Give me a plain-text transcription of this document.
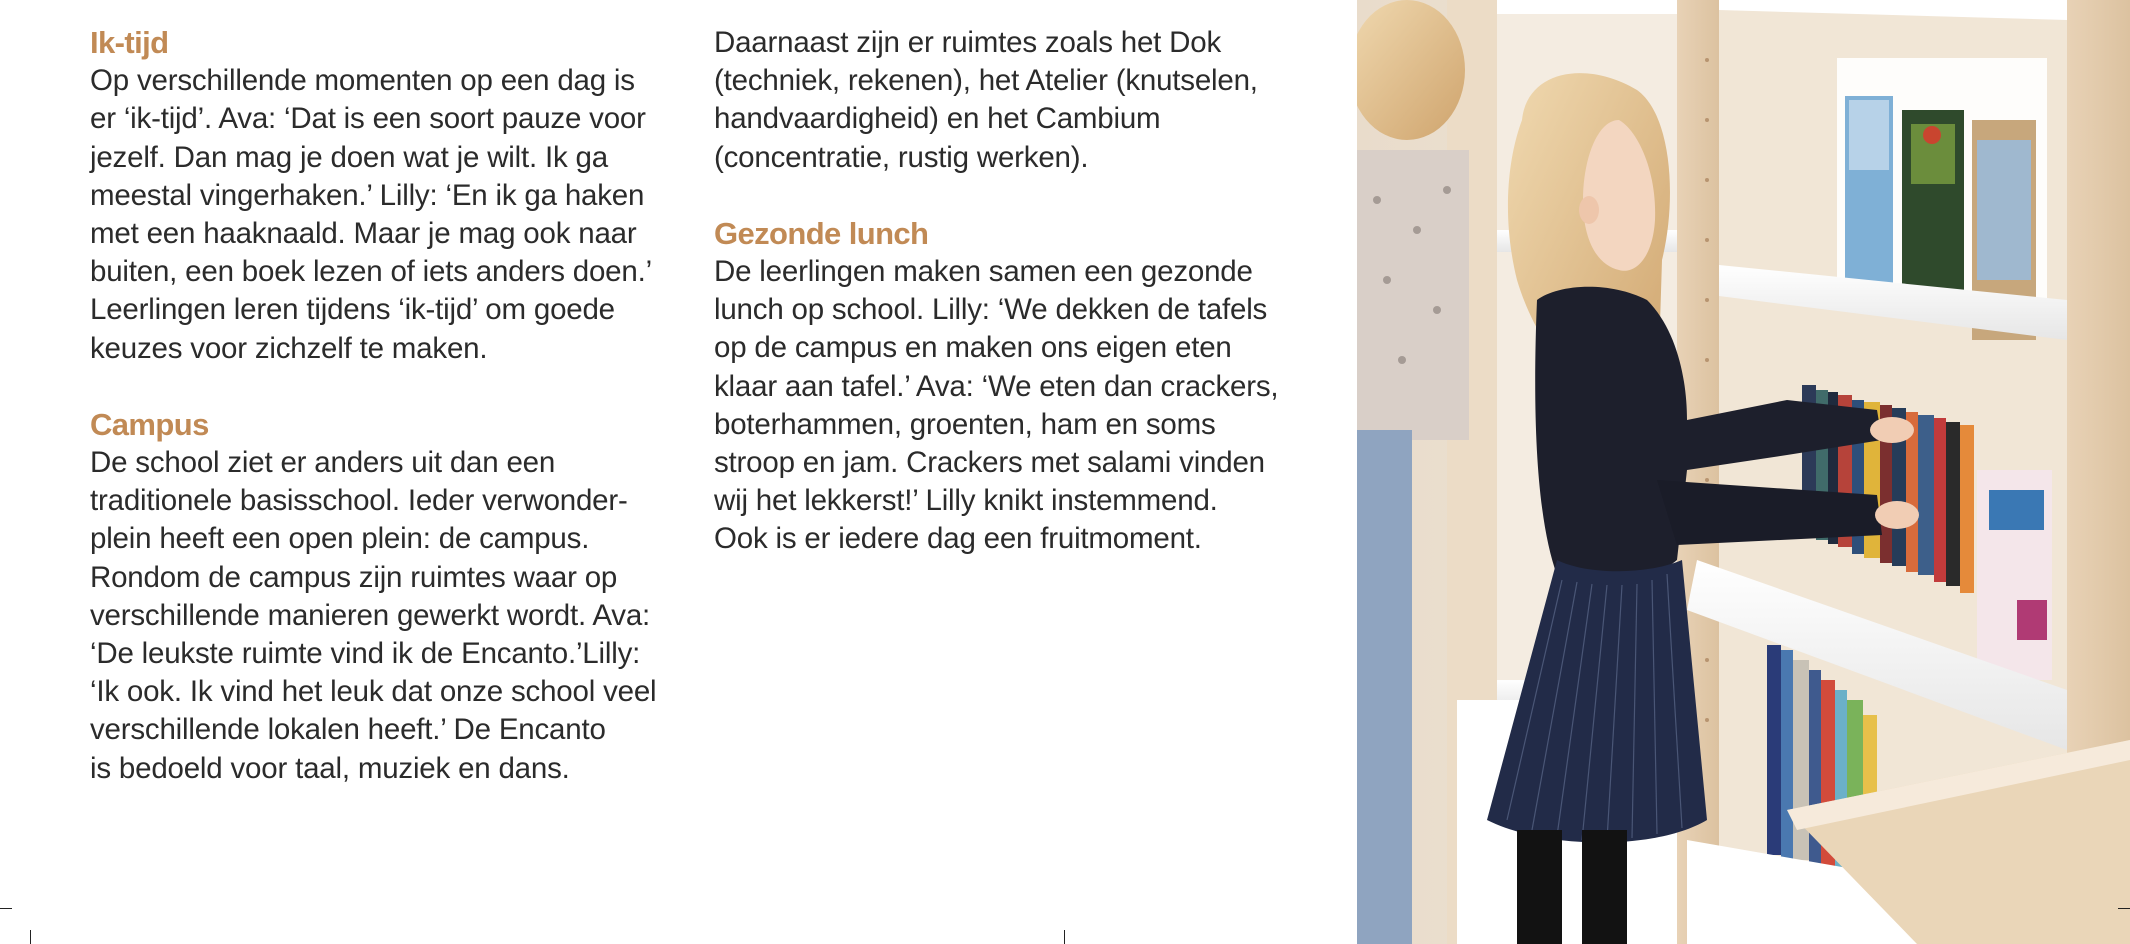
Ik-tijd
Op verschillende momenten op een dag is
er ‘ik-tijd’. Ava: ‘Dat is een soort pauze voor
jezelf. Dan mag je doen wat je wilt. Ik ga
meestal vingerhaken.’ Lilly: ‘En ik ga haken
met een haaknaald. Maar je mag ook naar
buiten, een boek lezen of iets anders doen.’
Leerlingen leren tijdens ‘ik-tijd’ om goede
keuzes voor zichzelf te maken.
Campus
De school ziet er anders uit dan een
traditionele basisschool. Ieder verwonder-
plein heeft een open plein: de campus.
Rondom de campus zijn ruimtes waar op
verschillende manieren gewerkt wordt. Ava:
‘De leukste ruimte vind ik de Encanto.’Lilly:
‘Ik ook. Ik vind het leuk dat onze school veel
verschillende lokalen heeft.’ De Encanto
is bedoeld voor taal, muziek en dans.
Daarnaast zijn er ruimtes zoals het Dok
(techniek, rekenen), het Atelier (knutselen,
handvaardigheid) en het Cambium
(concentratie, rustig werken).
Gezonde lunch
De leerlingen maken samen een gezonde
lunch op school. Lilly: ‘We dekken de tafels
op de campus en maken ons eigen eten
klaar aan tafel.’ Ava: ‘We eten dan crackers,
boterhammen, groenten, ham en soms
stroop en jam. Crackers met salami vinden
wij het lekkerst!’ Lilly knikt instemmend.
Ook is er iedere dag een fruitmoment.
